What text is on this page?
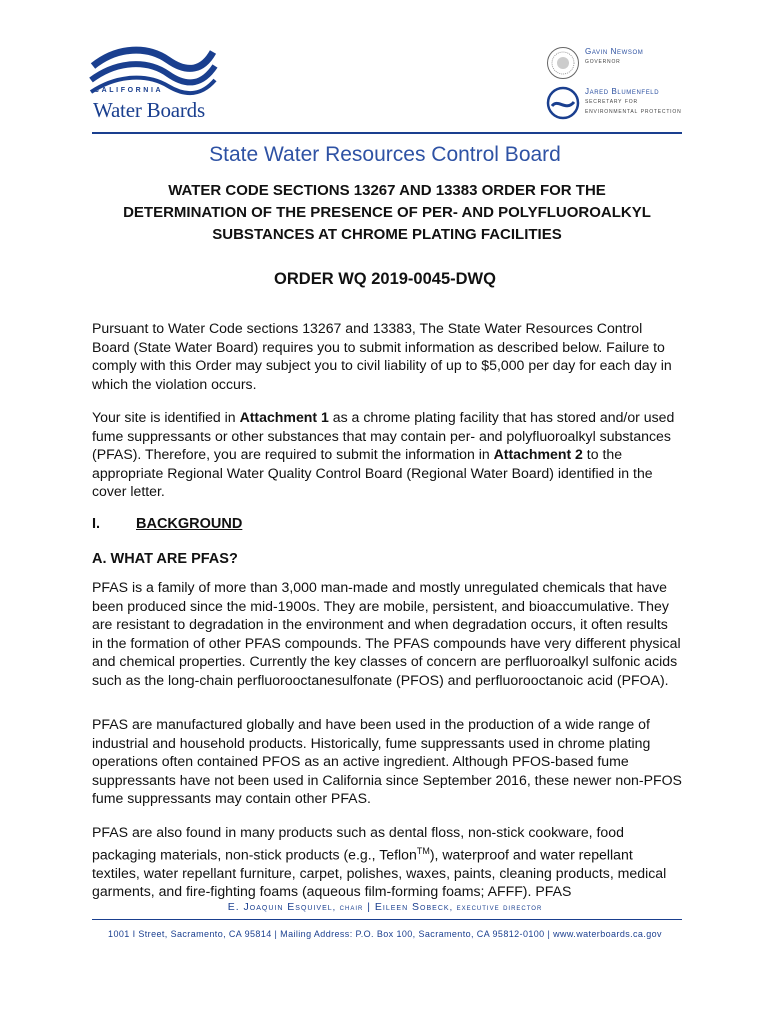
CALIFORNIA
Water Boards
Gavin Newsom
governor
Jared Blumenfeld
secretary for
environmental protection
State Water Resources Control Board
WATER CODE SECTIONS 13267 AND 13383 ORDER FOR THE
DETERMINATION OF THE PRESENCE OF PER- AND POLYFLUOROALKYL
SUBSTANCES AT CHROME PLATING FACILITIES
ORDER WQ 2019-0045-DWQ

Pursuant to Water Code sections 13267 and 13383, The State Water Resources Control Board (State Water Board) requires you to submit information as described below. Failure to comply with this Order may subject you to civil liability of up to $5,000 per day for each day in which the violation occurs.

Your site is identified in Attachment 1 as a chrome plating facility that has stored and/or used fume suppressants or other substances that may contain per- and polyfluoroalkyl substances (PFAS). Therefore, you are required to submit the information in Attachment 2 to the appropriate Regional Water Quality Control Board (Regional Water Board) identified in the cover letter.

I. BACKGROUND
A. WHAT ARE PFAS?

PFAS is a family of more than 3,000 man-made and mostly unregulated chemicals that have been produced since the mid-1900s. They are mobile, persistent, and bioaccumulative. They are resistant to degradation in the environment and when degradation occurs, it often results in the formation of other PFAS compounds. The PFAS compounds have very different physical and chemical properties. Currently the key classes of concern are perfluoroalkyl sulfonic acids such as the long-chain perfluorooctanesulfonate (PFOS) and perfluorooctanoic acid (PFOA).

PFAS are manufactured globally and have been used in the production of a wide range of industrial and household products. Historically, fume suppressants used in chrome plating operations often contained PFOS as an active ingredient. Although PFOS-based fume suppressants have not been used in California since September 2016, these newer non-PFOS fume suppressants may contain other PFAS.

PFAS are also found in many products such as dental floss, non-stick cookware, food packaging materials, non-stick products (e.g., Teflon™), waterproof and water repellant textiles, water repellant furniture, carpet, polishes, waxes, paints, cleaning products, medical garments, and fire-fighting foams (aqueous film-forming foams; AFFF). PFAS

E. Joaquin Esquivel, chair | Eileen Sobeck, executive director
1001 I Street, Sacramento, CA 95814 | Mailing Address: P.O. Box 100, Sacramento, CA 95812-0100 | www.waterboards.ca.gov
